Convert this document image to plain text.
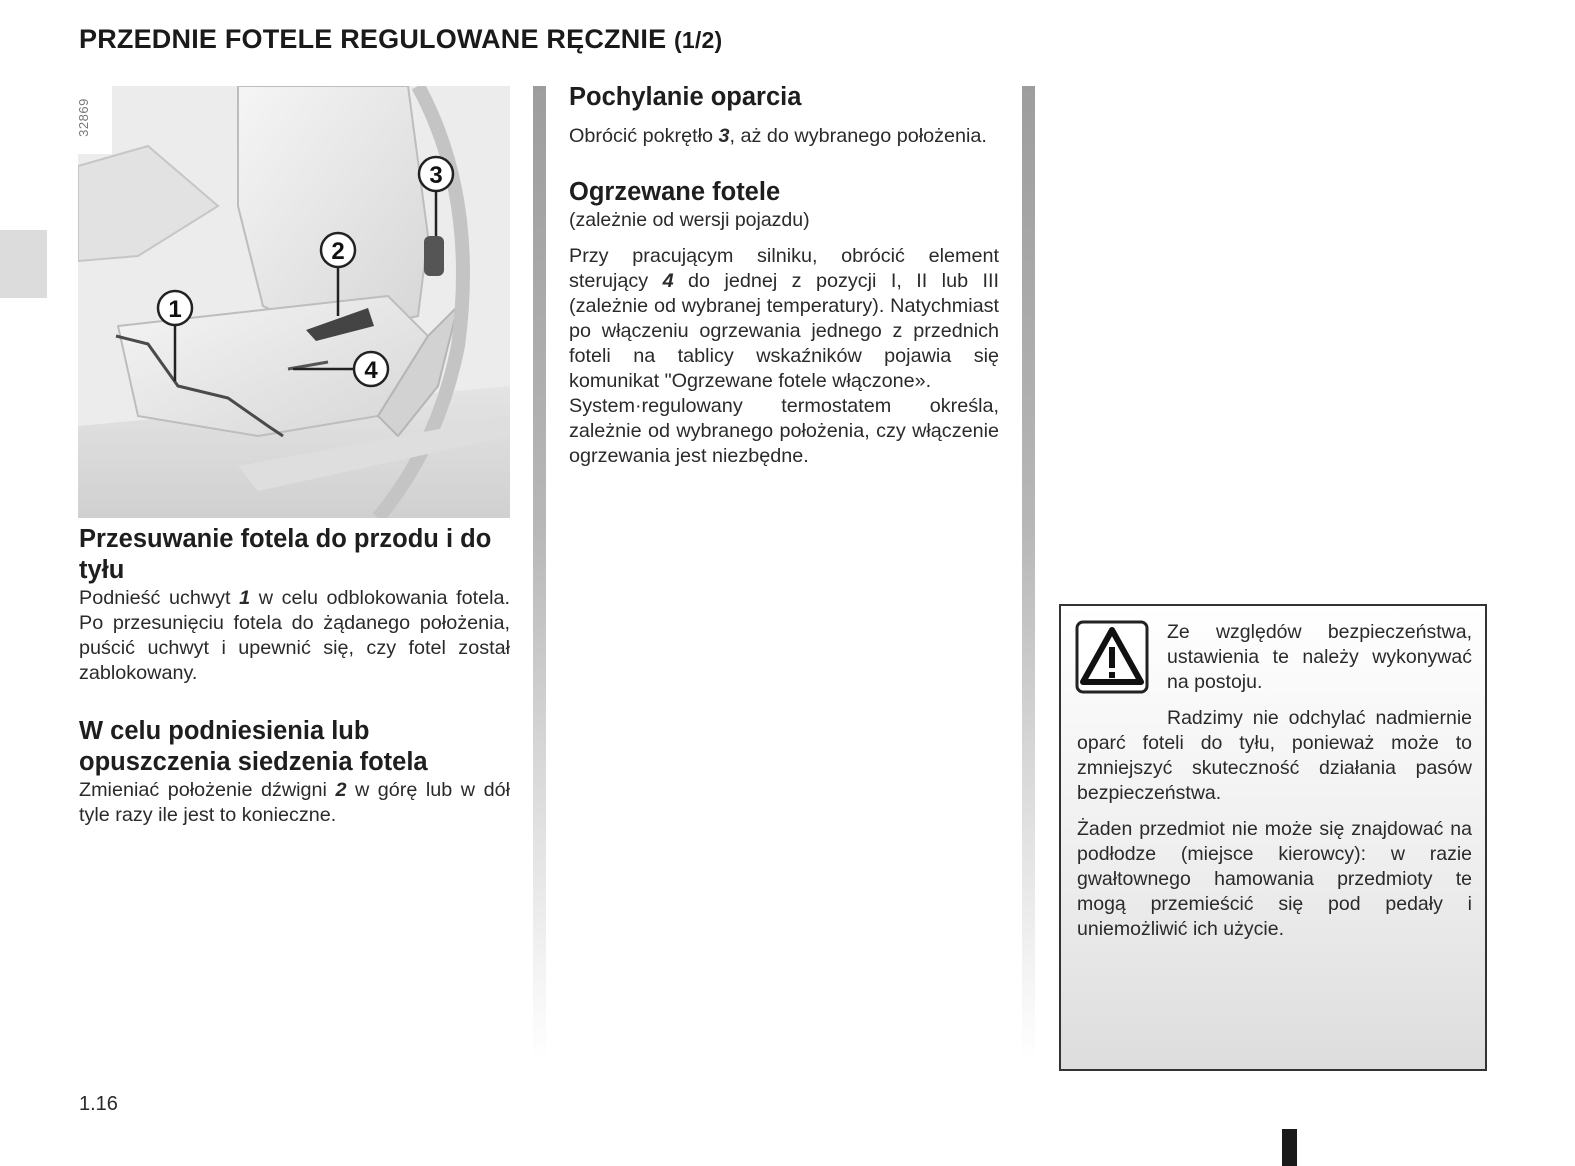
PRZEDNIE FOTELE REGULOWANE RĘCZNIE (1/2)
1
2
3
4
32869
Przesuwanie fotela do przodu i do tyłu

Podnieść uchwyt 1 w celu odblokowania fotela. Po przesunięciu fotela do żądanego położenia, puścić uchwyt i upewnić się, czy fotel został zablokowany.

W celu podniesienia lub opuszczenia siedzenia fotela

Zmieniać położenie dźwigni 2 w górę lub w dół tyle razy ile jest to konieczne.

Pochylanie oparcia

Obrócić pokrętło 3, aż do wybranego położenia.

Ogrzewane fotele
(zależnie od wersji pojazdu)

Przy pracującym silniku, obrócić element sterujący 4 do jednej z pozycji I, II lub III (zależnie od wybranej temperatury). Natychmiast po włączeniu ogrzewania jednego z przednich foteli na tablicy wskaźników pojawia się komunikat "Ogrzewane fotele włączone».

System·regulowany termostatem określa, zależnie od wybranego położenia, czy włączenie ogrzewania jest niezbędne.

Ze względów bezpieczeństwa, ustawienia te należy wykonywać na postoju.

Radzimy nie odchylać nadmiernie oparć foteli do tyłu, ponieważ może to zmniejszyć skuteczność działania pasów bezpieczeństwa.

Żaden przedmiot nie może się znajdować na podłodze (miejsce kierowcy): w razie gwałtownego hamowania przedmioty te mogą przemieścić się pod pedały i uniemożliwić ich użycie.

1.16
